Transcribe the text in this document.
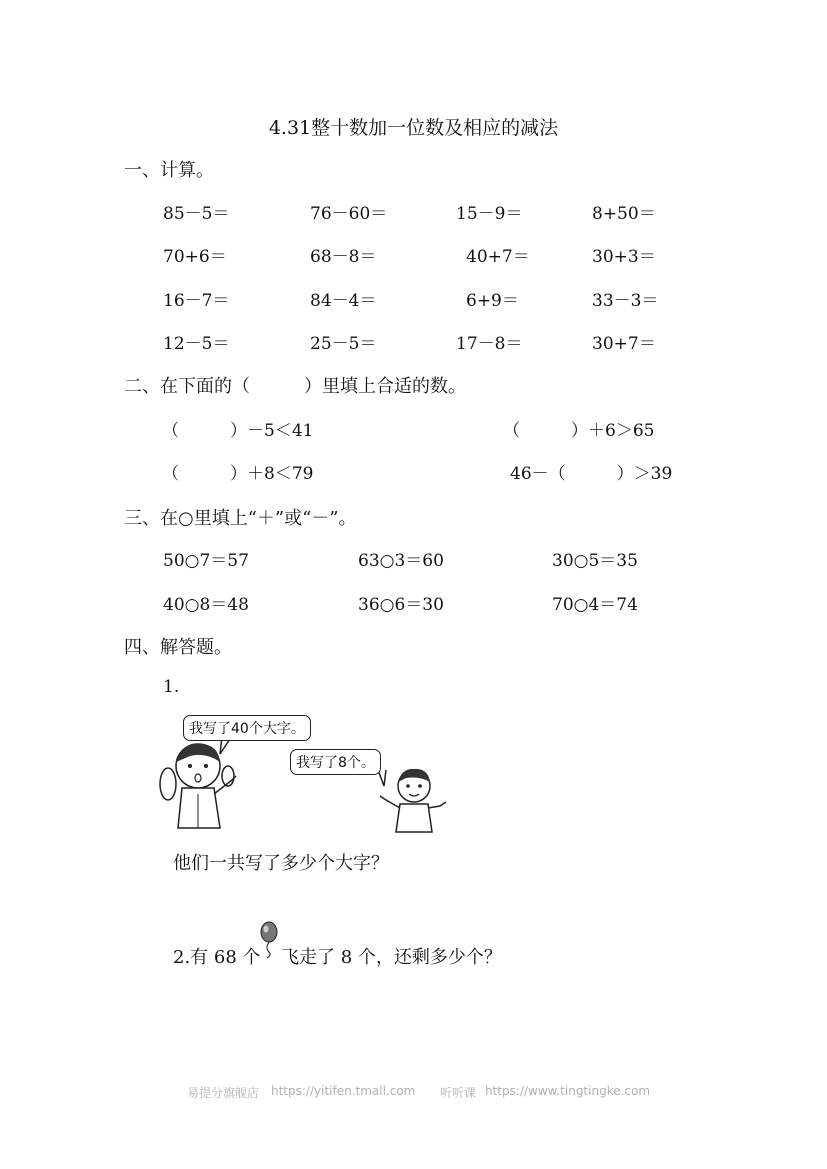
4.31整十数加一位数及相应的减法
一、计算。
85－5＝	76－60＝	15－9＝	8+50＝
70+6＝	68－8＝	40+7＝	30+3＝
16－7＝	84－4＝	6+9＝	33－3＝
12－5＝	25－5＝	17－8＝	30+7＝
二、在下面的（　　　）里填上合适的数。
（　　　）－5＜41	（　　　）＋6＞65
（　　　）＋8＜79	46－（　　　）＞39
三、在○里填上“＋”或“－”。
50○7＝57	63○3＝60	30○5＝35
40○8＝48	36○6＝30	70○4＝74
四、解答题。
1.
我写了40个大字。
我写了8个。
他们一共写了多少个大字？
2.有 68 个 飞走了 8 个，还剩多少个？
易提分旗舰店 https://yitifen.tmall.com 听听课 https://www.tingtingke.com
